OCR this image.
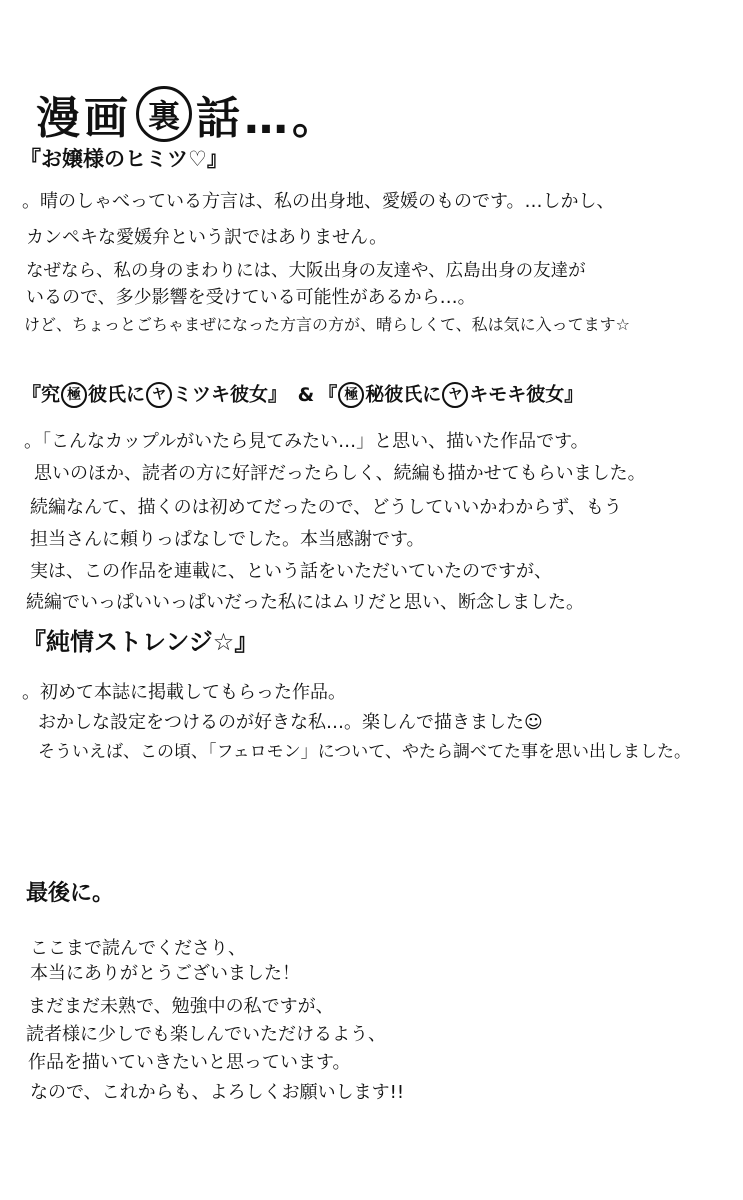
漫画 裏 話…。
『お嬢様のヒミツ♡』
。晴のしゃべっている方言は、私の出身地、愛媛のものです。…しかし、
カンペキな愛媛弁という訳ではありません。
なぜなら、私の身のまわりには、大阪出身の友達や、広島出身の友達が
いるので、多少影響を受けている可能性があるから…。
けど、ちょっとごちゃまぜになった方言の方が、晴らしくて、私は気に入ってます☆
『究 極 彼氏に ヤ ミツキ彼女』 & 『 極 秘彼氏に ヤ キモキ彼女』
。「こんなカップルがいたら見てみたい…」と思い、描いた作品です。
思いのほか、読者の方に好評だったらしく、続編も描かせてもらいました。
続編なんて、描くのは初めてだったので、どうしていいかわからず、もう
担当さんに頼りっぱなしでした。本当感謝です。
実は、この作品を連載に、という話をいただいていたのですが、
続編でいっぱいいっぱいだった私にはムリだと思い、断念しました。
『純情ストレンジ☆』
。初めて本誌に掲載してもらった作品。
おかしな設定をつけるのが好きな私…。楽しんで描きました☺
そういえば、この頃、「フェロモン」について、やたら調べてた事を思い出しました。
最後に。
ここまで読んでくださり、
本当にありがとうございました！
まだまだ未熟で、勉強中の私ですが、
読者様に少しでも楽しんでいただけるよう、
作品を描いていきたいと思っています。
なので、これからも、よろしくお願いします!!
